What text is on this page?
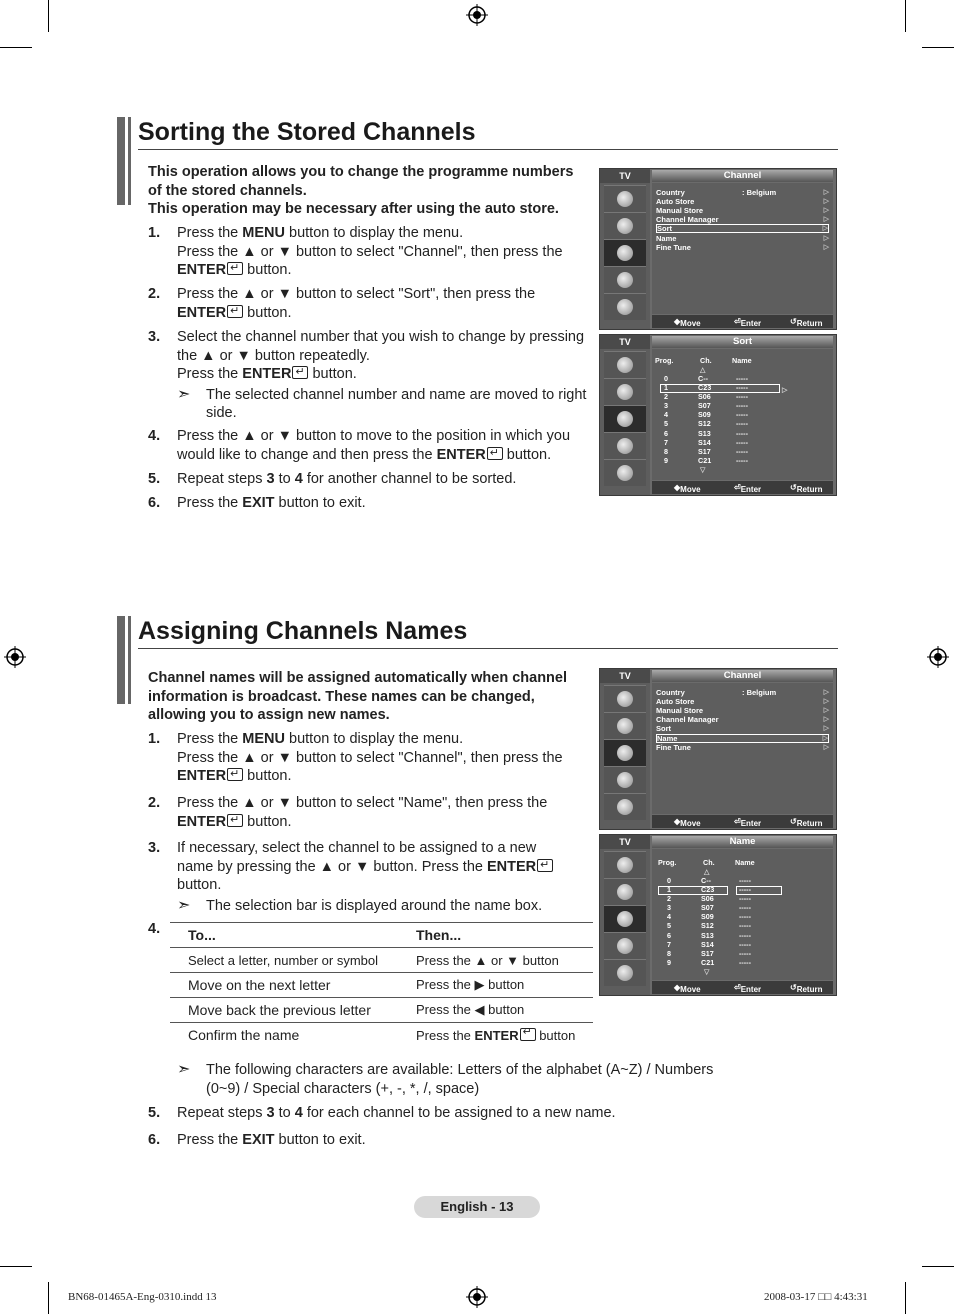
Sorting the Stored Channels
This operation allows you to change the programme numbers of the stored channels.
This operation may be necessary after using the auto store.
1. Press the MENU button to display the menu.
Press the ▲ or ▼ button to select "Channel", then press the
ENTER↵ button.
2. Press the ▲ or ▼ button to select "Sort", then press the
ENTER↵ button.
3. Select the channel number that you wish to change by pressing the ▲ or ▼ button repeatedly.
Press the ENTER↵ button.
➣ The selected channel number and name are moved to right side.
4. Press the ▲ or ▼ button to move to the position in which you would like to change and then press the ENTER↵ button.
5. Repeat steps 3 to 4 for another channel to be sorted.
6. Press the EXIT button to exit.
TV	Channel
Country	: Belgium	▷
Auto Store	▷
Manual Store	▷
Channel Manager	▷
Sort	▷
Name	▷
Fine Tune	▷
◆ Move	⏎ Enter	↺ Return
TV	Sort
Prog.	Ch.	Name
△
▷
0	C--	-----
1	C23	-----
2	S06	-----
3	S07	-----
4	S09	-----
5	S12	-----
6	S13	-----
7	S14	-----
8	S17	-----
9	C21	-----
▽
◆ Move	⏎ Enter	↺ Return
Assigning Channels Names
Channel names will be assigned automatically when channel information is broadcast. These names can be changed, allowing you to assign new names.
1. Press the MENU button to display the menu.
Press the ▲ or ▼ button to select "Channel", then press the
ENTER↵ button.
2. Press the ▲ or ▼ button to select "Name", then press the
ENTER↵ button.
3. If necessary, select the channel to be assigned to a new name by pressing the ▲ or ▼ button. Press the ENTER↵ button.
➣ The selection bar is displayed around the name box.
4. To...	Then...
Select a letter, number or symbol	Press the ▲ or ▼ button
Move on the next letter	Press the ▶ button
Move back the previous letter	Press the ◀ button
Confirm the name	Press the ENTER↵ button
➣ The following characters are available: Letters of the alphabet (A~Z) / Numbers (0~9) / Special characters (+, -, *, /, space)
5. Repeat steps 3 to 4 for each channel to be assigned to a new name.
6. Press the EXIT button to exit.
TV	Channel
Country	: Belgium	▷
Auto Store	▷
Manual Store	▷
Channel Manager	▷
Sort	▷
Name	▷
Fine Tune	▷
◆ Move	⏎ Enter	↺ Return
TV	Name
Prog.	Ch.	Name
△
0	C--	-----
1	C23	-----
2	S06	-----
3	S07	-----
4	S09	-----
5	S12	-----
6	S13	-----
7	S14	-----
8	S17	-----
9	C21	-----
▽
◆ Move	⏎ Enter	↺ Return
English - 13
BN68-01465A-Eng-0310.indd 13	2008-03-17 □□ 4:43:31
